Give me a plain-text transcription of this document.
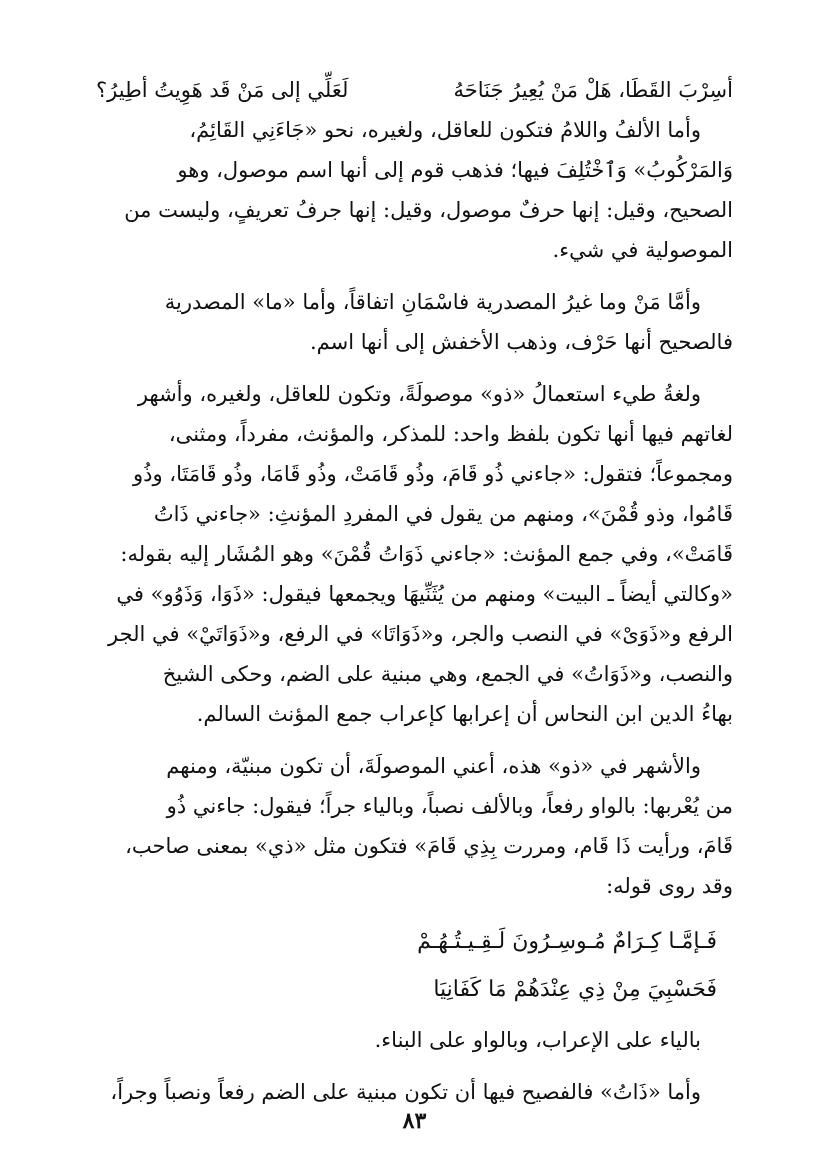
أسِرْبَ القَطَا، هَلْ مَنْ يُعِيرُ جَنَاحَهُ
لَعَلِّي إلى مَنْ قَد هَوِيتُ أطِيرُ؟
وأما الألفُ واللامُ فتكون للعاقل، ولغيره، نحو «جَاءَنِي القَائِمُ،
وَالمَرْكُوبُ» وَٱخْتُلِفَ فيها؛ فذهب قوم إلى أنها اسم موصول، وهو
الصحيح، وقيل: إنها حرفٌ موصول، وقيل: إنها جرفُ تعريفٍ، وليست من
الموصولية في شيء.
وأمَّا مَنْ وما غيرُ المصدرية فاسْمَانِ اتفاقاً، وأما «ما» المصدرية
فالصحيح أنها حَرْف، وذهب الأخفش إلى أنها اسم.
ولغةُ طيء استعمالُ «ذو» موصولَةً، وتكون للعاقل، ولغيره، وأشهر
لغاتهم فيها أنها تكون بلفظ واحد: للمذكر، والمؤنث، مفرداً، ومثنى،
ومجموعاً؛ فتقول: «جاءني ذُو قَامَ، وذُو قَامَتْ، وذُو قَامَا، وذُو قَامَتَا، وذُو
قَامُوا، وذو قُمْنَ»، ومنهم من يقول في المفردِ المؤنثِ: «جاءني ذَاتُ
قَامَتْ»، وفي جمع المؤنث: «جاءني ذَوَاتُ قُمْنَ» وهو المُشَار إليه بقوله:
«وكالتي أيضاً ـ البيت» ومنهم من يُثَنِّيهَا ويجمعها فيقول: «ذَوَا، وَذَوُو» في
الرفع و«ذَوَىْ» في النصب والجر، و«ذَوَاتَا» في الرفع، و«ذَوَاتَيْ» في الجر
والنصب، و«ذَوَاتُ» في الجمع، وهي مبنية على الضم، وحكى الشيخ
بهاءُ الدين ابن النحاس أن إعرابها كإعراب جمع المؤنث السالم.
والأشهر في «ذو» هذه، أعني الموصولَةَ، أن تكون مبنيّة، ومنهم
من يُعْربها: بالواو رفعاً، وبالألف نصباً، وبالياء جراً؛ فيقول: جاءني ذُو
قَامَ، ورأيت ذَا قَام، ومررت بِذِي قَامَ» فتكون مثل «ذي» بمعنى صاحب،
وقد روى قوله:
فَـإمَّـا كِـرَامٌ مُـوسِـرُونَ لَـقِـيـتُـهُـمْ
فَحَسْبِيَ مِنْ ذِي عِنْدَهُمْ مَا كَفَانِيَا
بالياء على الإعراب، وبالواو على البناء.
وأما «ذَاتُ» فالفصيح فيها أن تكون مبنية على الضم رفعاً ونصباً وجراً،
٨٣
